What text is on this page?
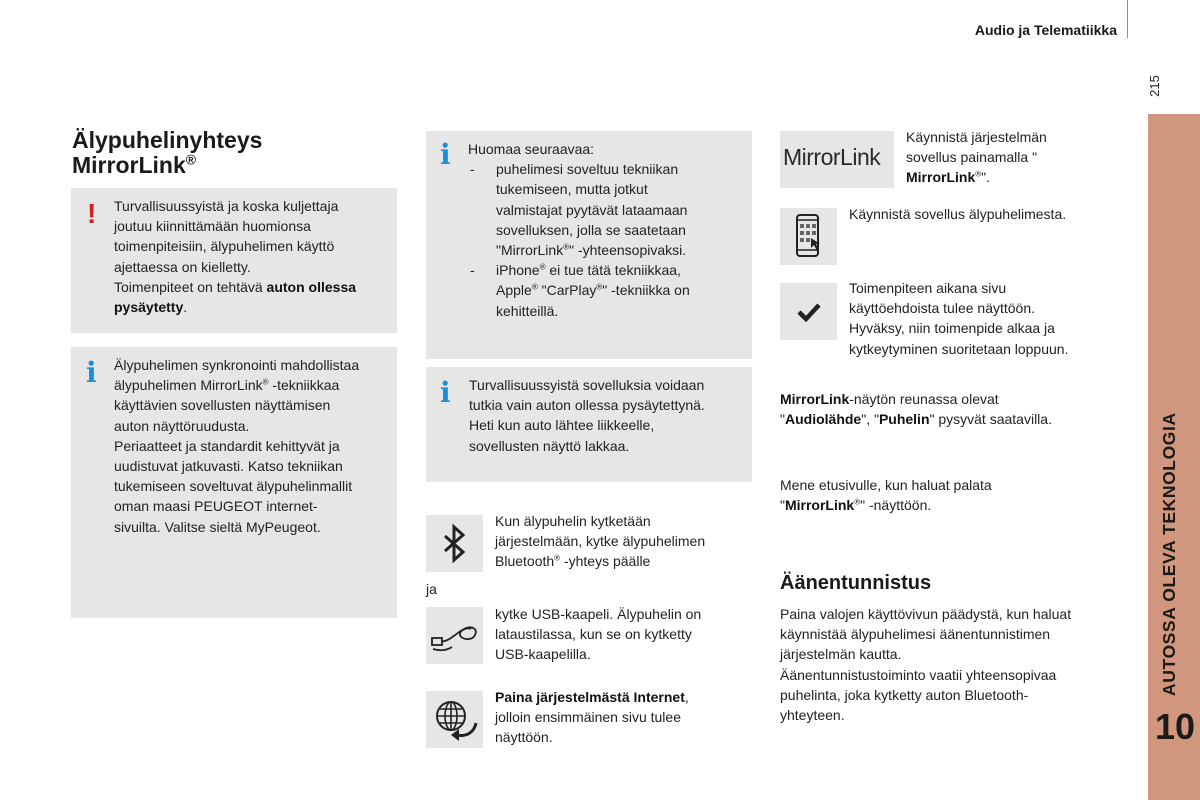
Audio ja Telematiikka
215
AUTOSSA OLEVA TEKNOLOGIA
10
Älypuhelinyhteys
MirrorLink®
! Turvallisuussyistä ja koska kuljettaja
joutuu kiinnittämään huomionsa
toimenpiteisiin, älypuhelimen käyttö
ajettaessa on kielletty.
Toimenpiteet on tehtävä auton ollessa
pysäytetty.
i Älypuhelimen synkronointi mahdollistaa
älypuhelimen MirrorLink® -tekniikkaa
käyttävien sovellusten näyttämisen
auton näyttöruudusta.
Periaatteet ja standardit kehittyvät ja
uudistuvat jatkuvasti. Katso tekniikan
tukemiseen soveltuvat älypuhelinmallit
oman maasi PEUGEOT internet-
sivuilta. Valitse sieltä MyPeugeot.
i Huomaa seuraavaa:
- puhelimesi soveltuu tekniikan
tukemiseen, mutta jotkut
valmistajat pyytävät lataamaan
sovelluksen, jolla se saatetaan
"MirrorLink®" -yhteensopivaksi.
- iPhone® ei tue tätä tekniikkaa,
Apple® "CarPlay®" -tekniikka on
kehitteillä.
i Turvallisuussyistä sovelluksia voidaan
tutkia vain auton ollessa pysäytettynä.
Heti kun auto lähtee liikkeelle,
sovellusten näyttö lakkaa.
Kun älypuhelin kytketään
järjestelmään, kytke älypuhelimen
Bluetooth® -yhteys päälle
ja
kytke USB-kaapeli. Älypuhelin on
lataustilassa, kun se on kytketty
USB-kaapelilla.
Paina järjestelmästä Internet,
jolloin ensimmäinen sivu tulee
näyttöön.
MirrorLink
Käynnistä järjestelmän
sovellus painamalla "
MirrorLink®".
Käynnistä sovellus älypuhelimesta.
Toimenpiteen aikana sivu
käyttöehdoista tulee näyttöön.
Hyväksy, niin toimenpide alkaa ja
kytkeytyminen suoritetaan loppuun.
MirrorLink-näytön reunassa olevat
"Audiolähde", "Puhelin" pysyvät saatavilla.
Mene etusivulle, kun haluat palata
"MirrorLink®" -näyttöön.
Äänentunnistus
Paina valojen käyttövivun päädystä, kun haluat
käynnistää älypuhelimesi äänentunnistimen
järjestelmän kautta.
Äänentunnistustoiminto vaatii yhteensopivaa
puhelinta, joka kytketty auton Bluetooth-
yhteyteen.
